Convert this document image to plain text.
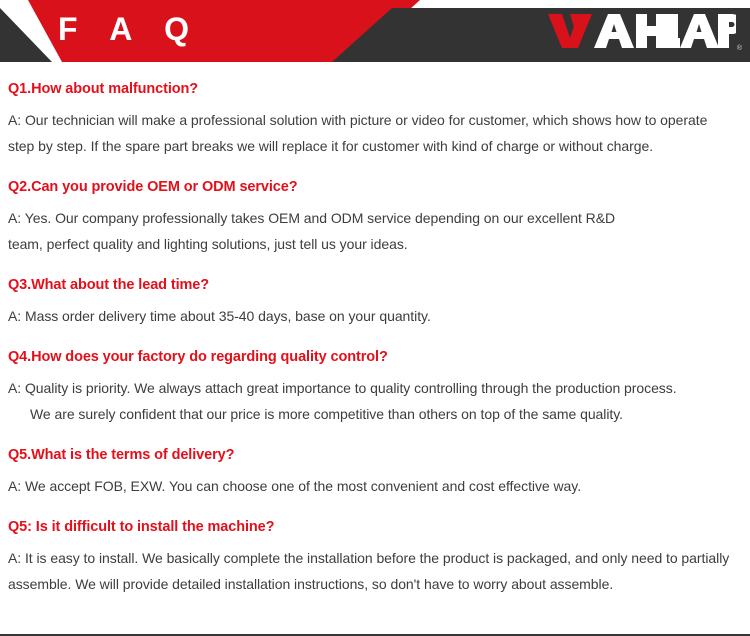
F A Q
®

Q1.How about malfunction?

A: Our technician will make a professional solution with picture or video for customer, which shows how to operate

step by step. If the spare part breaks we will replace it for customer with kind of charge or without charge.

Q2.Can you provide OEM or ODM service?

A: Yes. Our company professionally takes OEM and ODM service depending on our excellent R&D

team, perfect quality and lighting solutions, just tell us your ideas.

Q3.What about the lead time?

A: Mass order delivery time about 35-40 days, base on your quantity.

Q4.How does your factory do regarding quality control?

A: Quality is priority. We always attach great importance to quality controlling through the production process.

We are surely confident that our price is more competitive than others on top of the same quality.

Q5.What is the terms of delivery?

A: We accept FOB, EXW. You can choose one of the most convenient and cost effective way.

Q5: Is it difficult to install the machine?

A: It is easy to install. We basically complete the installation before the product is packaged, and only need to partially

assemble. We will provide detailed installation instructions, so don't have to worry about assemble.
